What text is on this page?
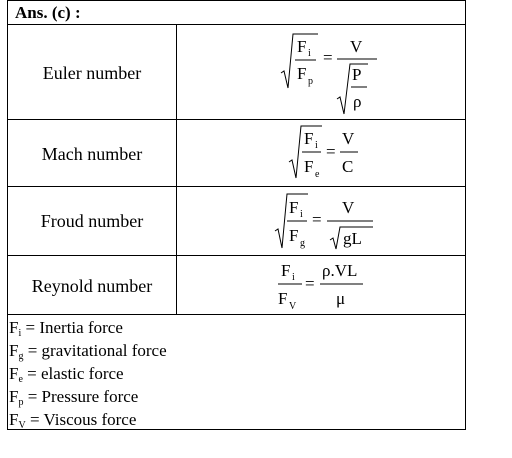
Ans. (c) :
Euler number
F i
F p
=
V
P
ρ
Mach number
F i
F e
=
V
C
Froud number
F i
F g
=
V
gL
Reynold number
F i
F V
=
ρ.VL
μ
$F_i$ = Inertia force
$F_g$ = gravitational force
$F_e$ = elastic force
$F_p$ = Pressure force
$F_V$ = Viscous force
